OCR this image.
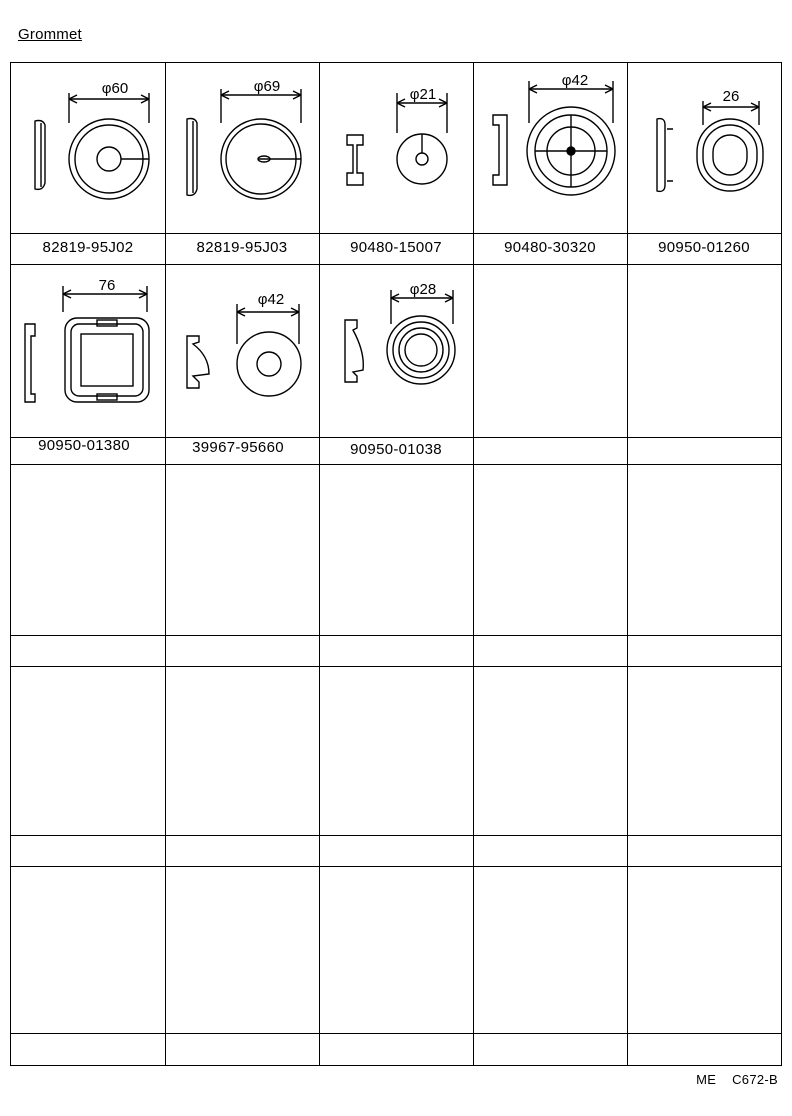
Grommet
φ60
82819-95J02
φ69
82819-95J03
φ21
90480-15007
φ42
90480-30320
26
90950-01260
76
90950-01380
φ42
39967-95660
φ28
90950-01038
ME C672-B
